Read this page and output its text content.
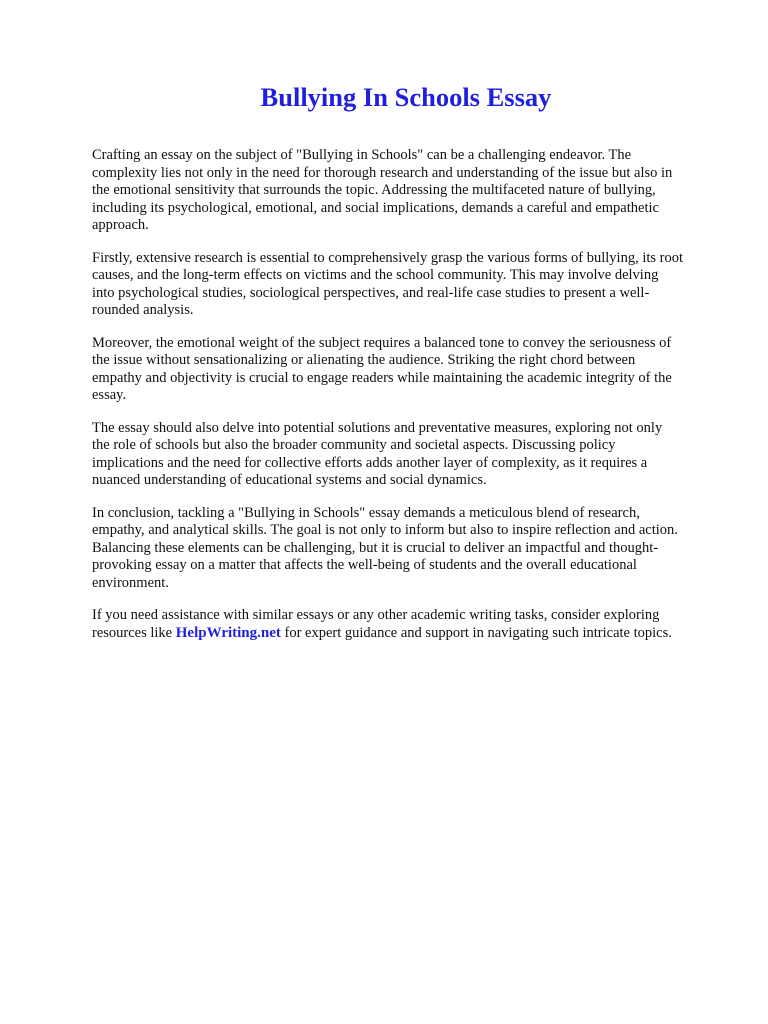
Bullying In Schools Essay

Crafting an essay on the subject of "Bullying in Schools" can be a challenging endeavor. The
complexity lies not only in the need for thorough research and understanding of the issue but also in
the emotional sensitivity that surrounds the topic. Addressing the multifaceted nature of bullying,
including its psychological, emotional, and social implications, demands a careful and empathetic
approach.

Firstly, extensive research is essential to comprehensively grasp the various forms of bullying, its root
causes, and the long-term effects on victims and the school community. This may involve delving
into psychological studies, sociological perspectives, and real-life case studies to present a well-
rounded analysis.

Moreover, the emotional weight of the subject requires a balanced tone to convey the seriousness of
the issue without sensationalizing or alienating the audience. Striking the right chord between
empathy and objectivity is crucial to engage readers while maintaining the academic integrity of the
essay.

The essay should also delve into potential solutions and preventative measures, exploring not only
the role of schools but also the broader community and societal aspects. Discussing policy
implications and the need for collective efforts adds another layer of complexity, as it requires a
nuanced understanding of educational systems and social dynamics.

In conclusion, tackling a "Bullying in Schools" essay demands a meticulous blend of research,
empathy, and analytical skills. The goal is not only to inform but also to inspire reflection and action.
Balancing these elements can be challenging, but it is crucial to deliver an impactful and thought-
provoking essay on a matter that affects the well-being of students and the overall educational
environment.

If you need assistance with similar essays or any other academic writing tasks, consider exploring
resources like HelpWriting.net for expert guidance and support in navigating such intricate topics.
